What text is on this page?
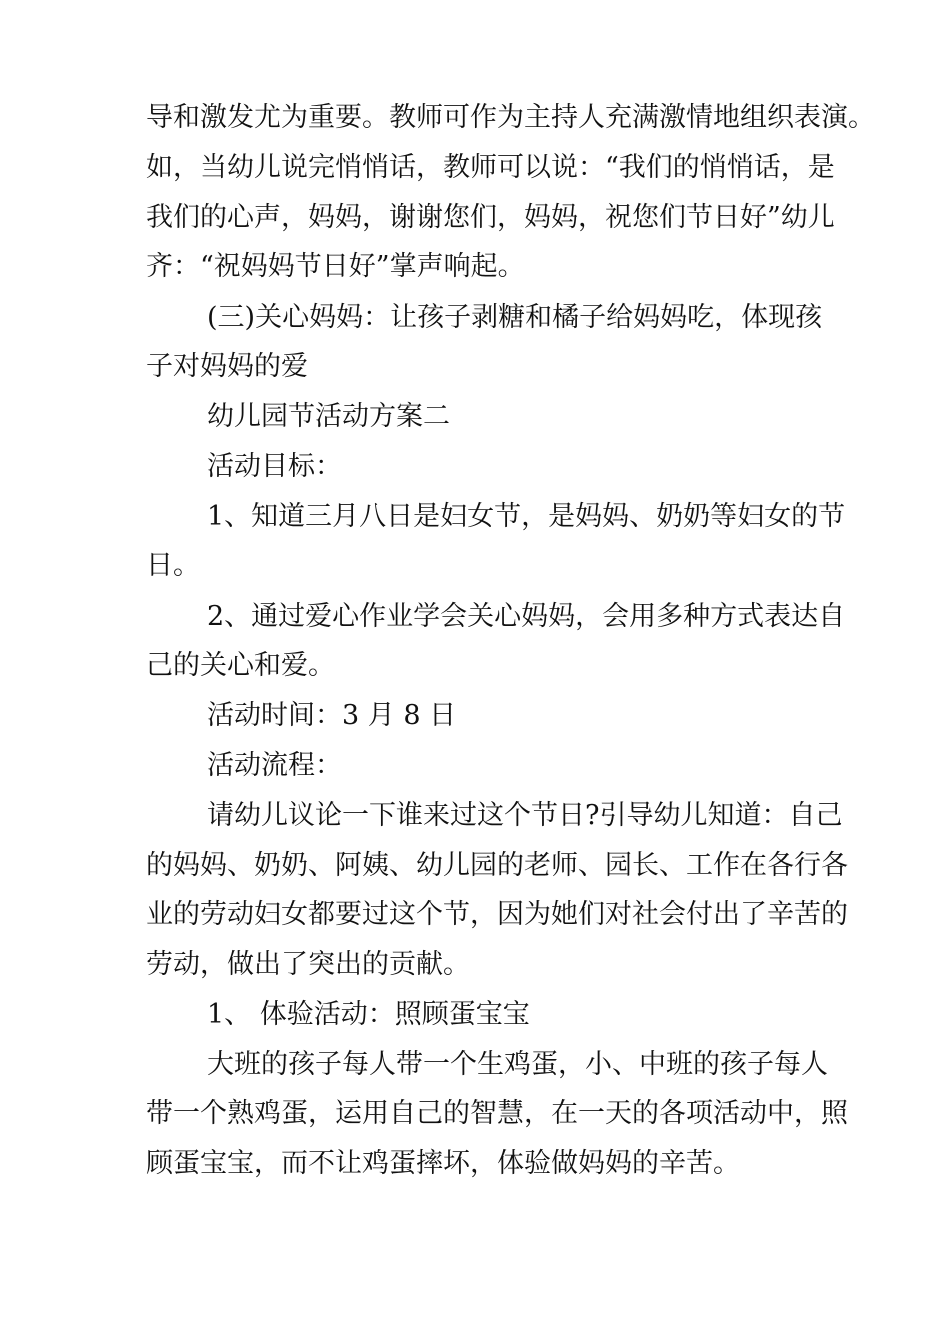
导和激发尤为重要。教师可作为主持人充满激情地组织表演。
如，当幼儿说完悄悄话，教师可以说：“我们的悄悄话，是
我们的心声，妈妈，谢谢您们，妈妈，祝您们节日好”幼儿
齐：“祝妈妈节日好”掌声响起。
(三)关心妈妈：让孩子剥糖和橘子给妈妈吃，体现孩
子对妈妈的爱
幼儿园节活动方案二
活动目标：
1、知道三月八日是妇女节，是妈妈、奶奶等妇女的节
日。
2、通过爱心作业学会关心妈妈，会用多种方式表达自
己的关心和爱。
活动时间：3 月 8 日
活动流程：
请幼儿议论一下谁来过这个节日?引导幼儿知道：自己
的妈妈、奶奶、阿姨、幼儿园的老师、园长、工作在各行各
业的劳动妇女都要过这个节，因为她们对社会付出了辛苦的
劳动，做出了突出的贡献。
1、 体验活动：照顾蛋宝宝
大班的孩子每人带一个生鸡蛋，小、中班的孩子每人
带一个熟鸡蛋，运用自己的智慧，在一天的各项活动中，照
顾蛋宝宝，而不让鸡蛋摔坏，体验做妈妈的辛苦。
